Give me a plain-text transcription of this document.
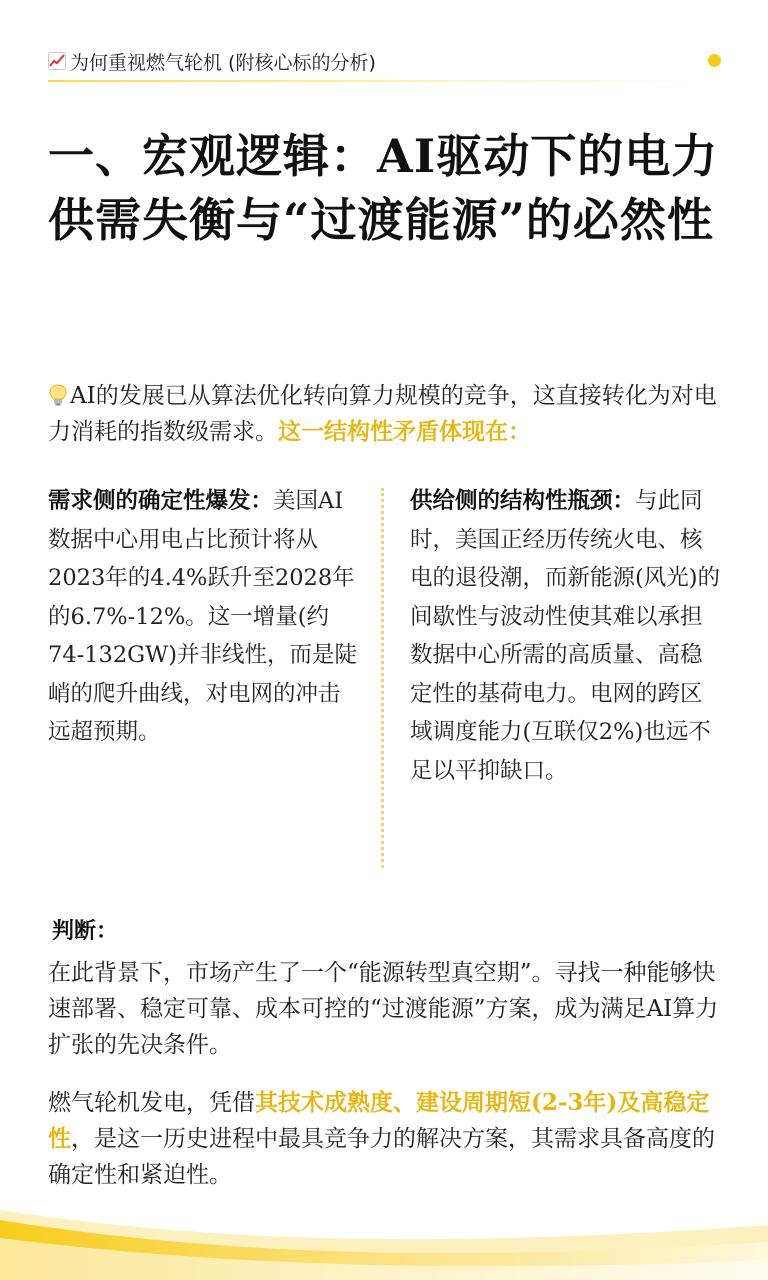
为何重视燃气轮机 (附核心标的分析)
一、宏观逻辑：AI驱动下的电力供需失衡与“过渡能源”的必然性
AI的发展已从算法优化转向算力规模的竞争，这直接转化为对电力消耗的指数级需求。这一结构性矛盾体现在：
需求侧的确定性爆发：美国AI数据中心用电占比预计将从2023年的4.4%跃升至2028年的6.7%-12%。这一增量(约74-132GW)并非线性，而是陡峭的爬升曲线，对电网的冲击远超预期。
供给侧的结构性瓶颈：与此同时，美国正经历传统火电、核电的退役潮，而新能源(风光)的间歇性与波动性使其难以承担数据中心所需的高质量、高稳定性的基荷电力。电网的跨区域调度能力(互联仅2%)也远不足以平抑缺口。
判断：
在此背景下，市场产生了一个“能源转型真空期”。寻找一种能够快速部署、稳定可靠、成本可控的“过渡能源”方案，成为满足AI算力扩张的先决条件。
燃气轮机发电，凭借其技术成熟度、建设周期短(2-3年)及高稳定性，是这一历史进程中最具竞争力的解决方案，其需求具备高度的确定性和紧迫性。
